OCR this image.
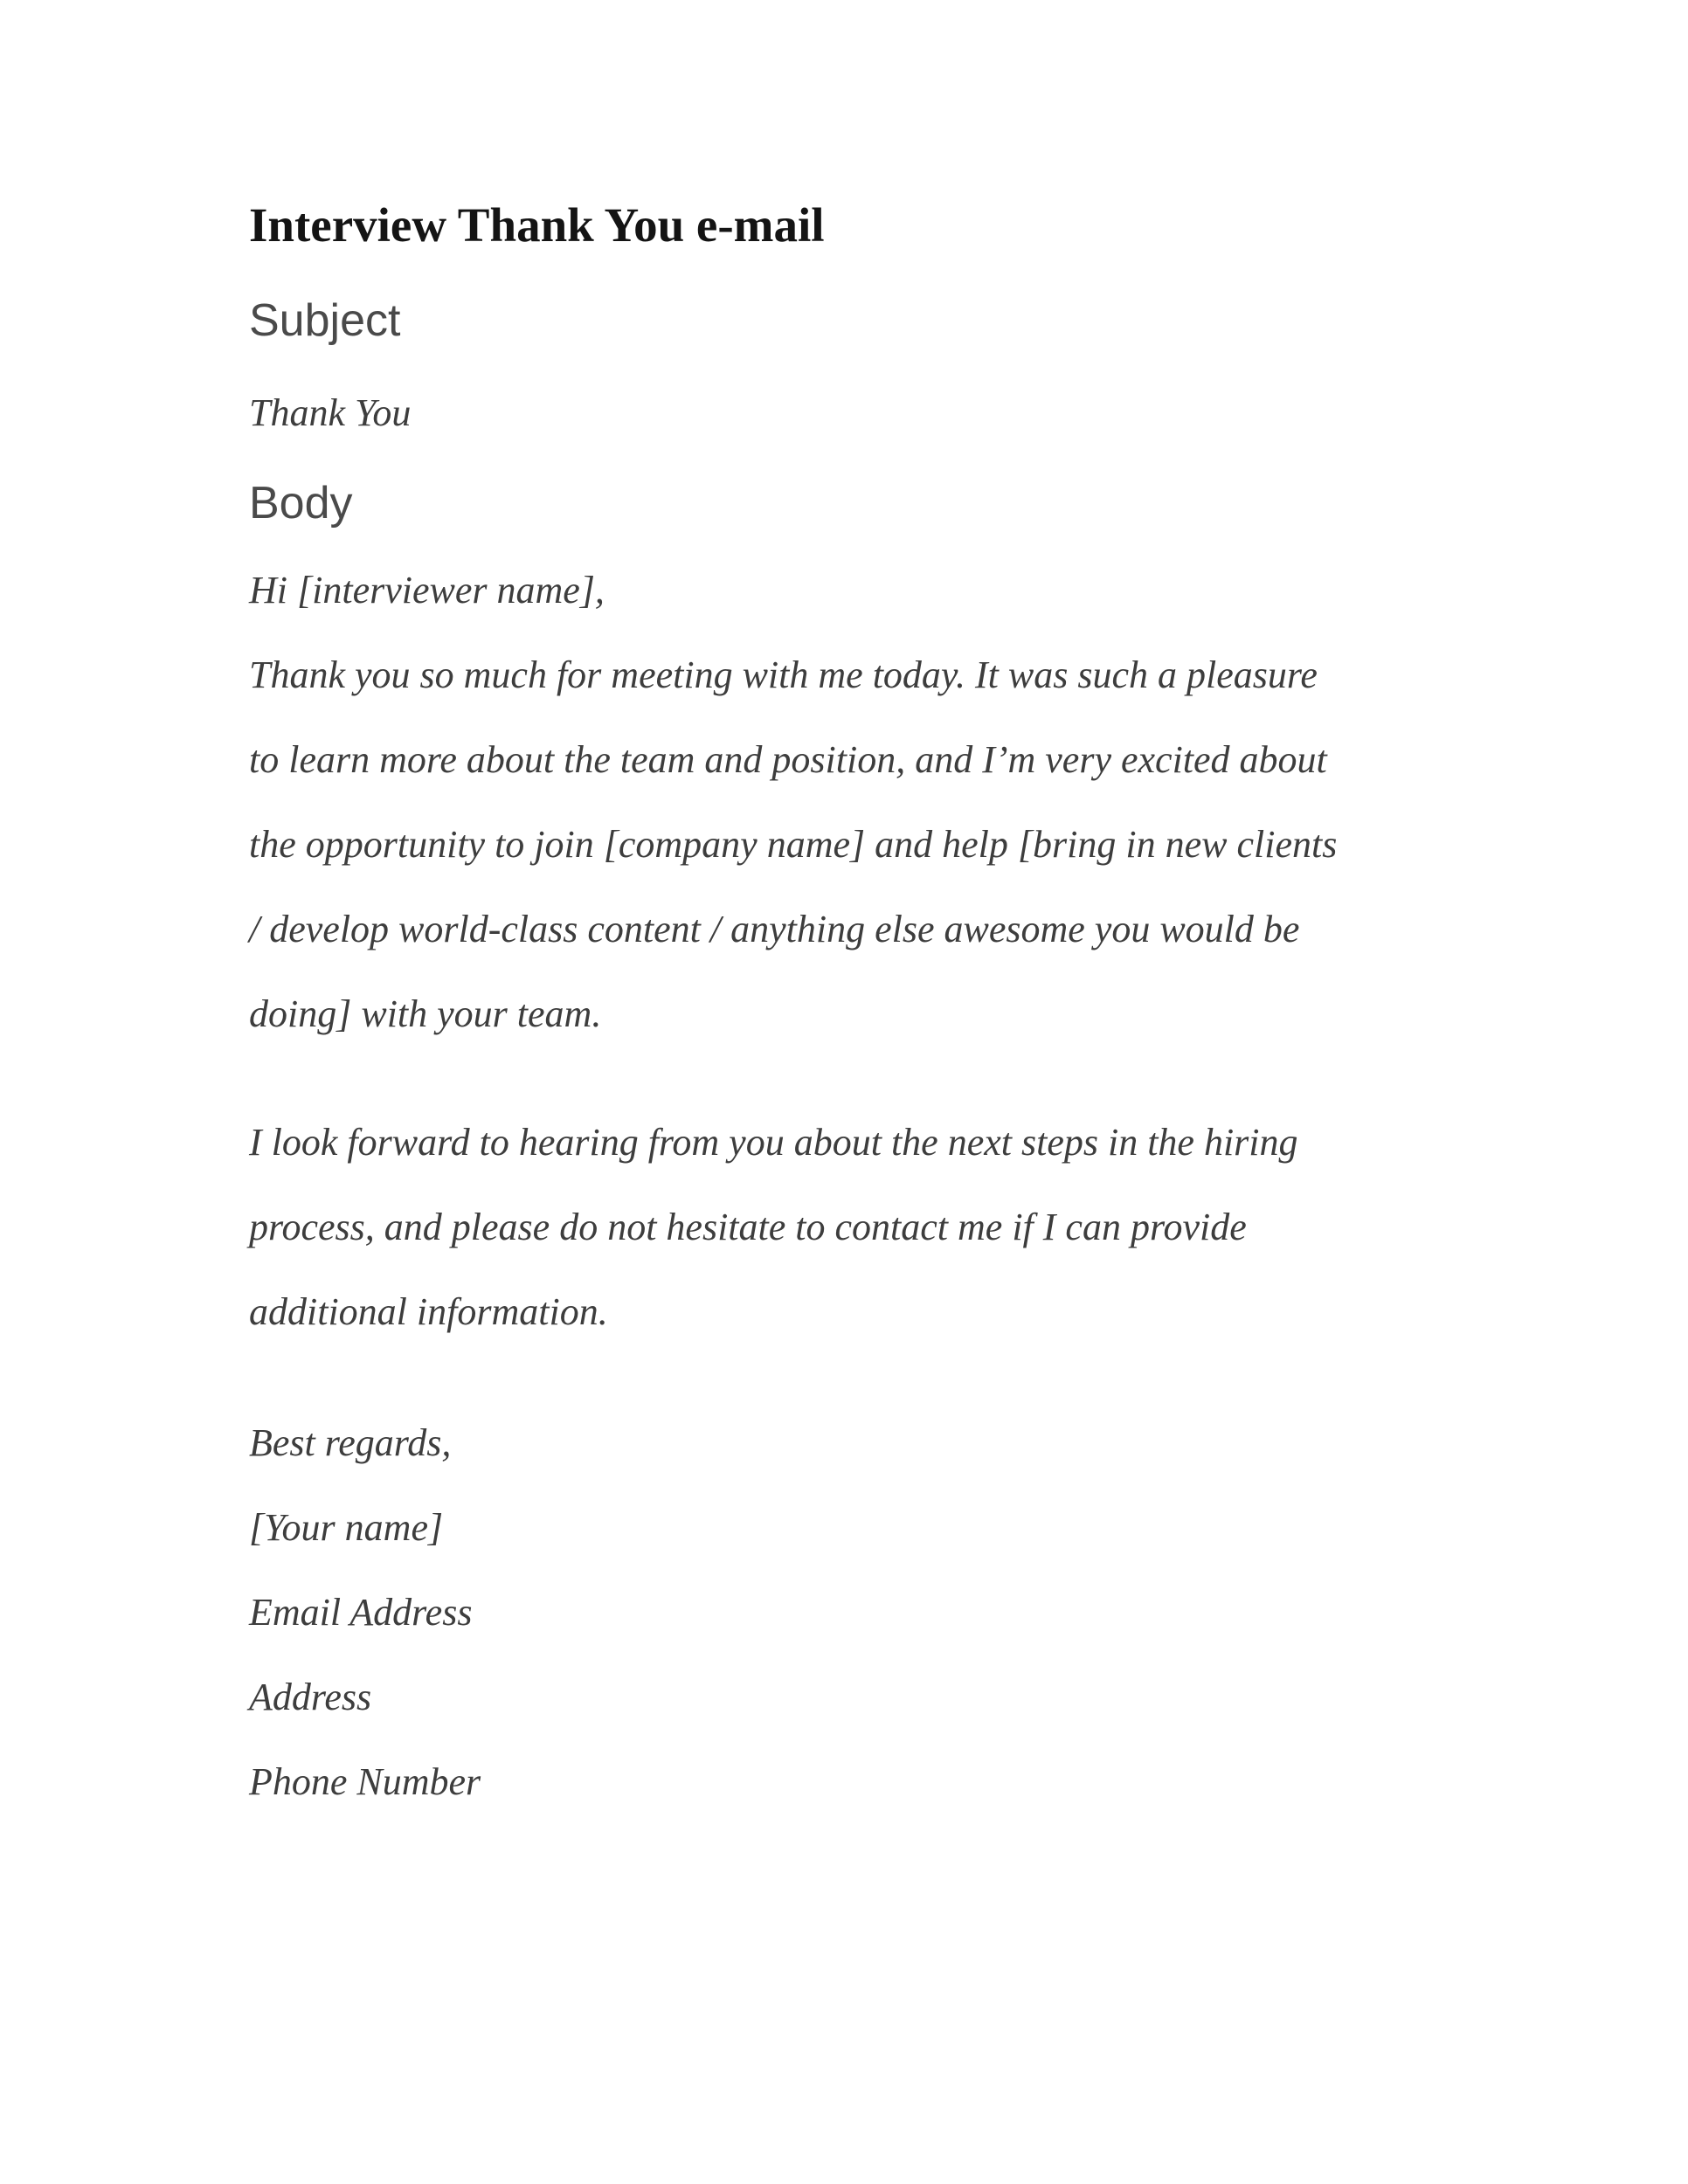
Interview Thank You e-mail
Subject

Thank You

Body
Hi [interviewer name],
Thank you so much for meeting with me today. It was such a pleasure
to learn more about the team and position, and I’m very excited about
the opportunity to join [company name] and help [bring in new clients
/ develop world-class content / anything else awesome you would be
doing] with your team.
I look forward to hearing from you about the next steps in the hiring
process, and please do not hesitate to contact me if I can provide
additional information.
Best regards,
[Your name]
Email Address
Address
Phone Number
